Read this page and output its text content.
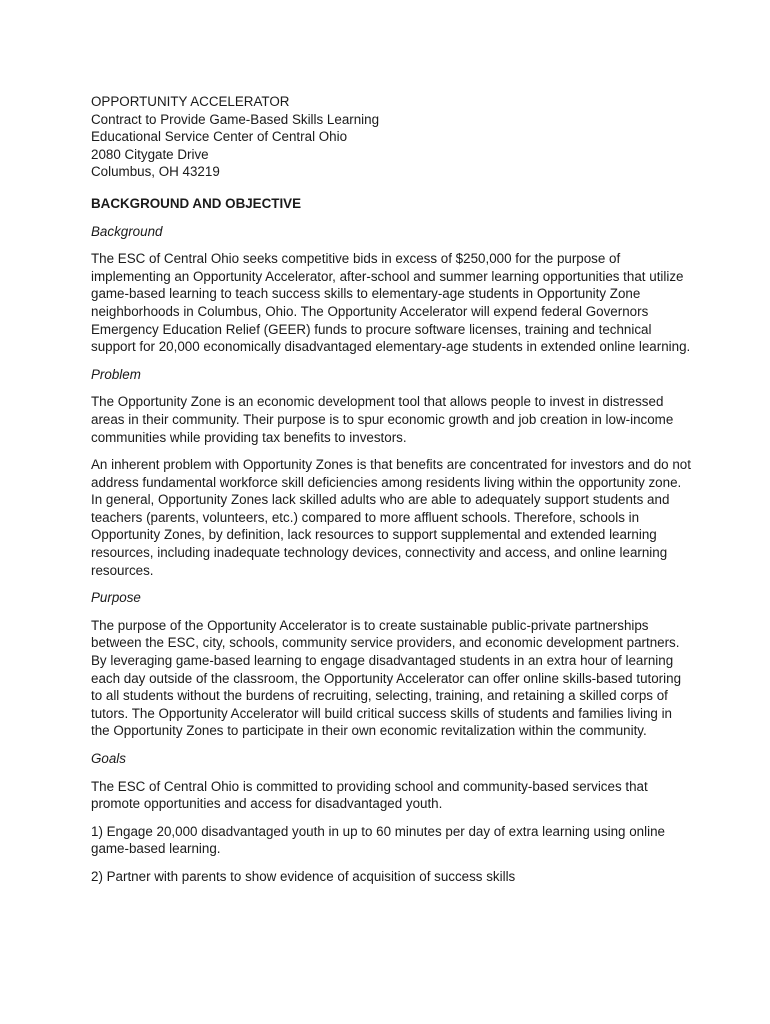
OPPORTUNITY ACCELERATOR
Contract to Provide Game-Based Skills Learning
Educational Service Center of Central Ohio
2080 Citygate Drive
Columbus, OH 43219
BACKGROUND AND OBJECTIVE
Background
The ESC of Central Ohio seeks competitive bids in excess of $250,000 for the purpose of implementing an Opportunity Accelerator, after-school and summer learning opportunities that utilize game-based learning to teach success skills to elementary-age students in Opportunity Zone neighborhoods in Columbus, Ohio. The Opportunity Accelerator will expend federal Governors Emergency Education Relief (GEER) funds to procure software licenses, training and technical support for 20,000 economically disadvantaged elementary-age students in extended online learning.
Problem
The Opportunity Zone is an economic development tool that allows people to invest in distressed areas in their community. Their purpose is to spur economic growth and job creation in low-income communities while providing tax benefits to investors.
An inherent problem with Opportunity Zones is that benefits are concentrated for investors and do not address fundamental workforce skill deficiencies among residents living within the opportunity zone. In general, Opportunity Zones lack skilled adults who are able to adequately support students and teachers (parents, volunteers, etc.) compared to more affluent schools. Therefore, schools in Opportunity Zones, by definition, lack resources to support supplemental and extended learning resources, including inadequate technology devices, connectivity and access, and online learning resources.
Purpose
The purpose of the Opportunity Accelerator is to create sustainable public-private partnerships between the ESC, city, schools, community service providers, and economic development partners. By leveraging game-based learning to engage disadvantaged students in an extra hour of learning each day outside of the classroom, the Opportunity Accelerator can offer online skills-based tutoring to all students without the burdens of recruiting, selecting, training, and retaining a skilled corps of tutors. The Opportunity Accelerator will build critical success skills of students and families living in the Opportunity Zones to participate in their own economic revitalization within the community.
Goals
The ESC of Central Ohio is committed to providing school and community-based services that promote opportunities and access for disadvantaged youth.
1) Engage 20,000 disadvantaged youth in up to 60 minutes per day of extra learning using online game-based learning.
2) Partner with parents to show evidence of acquisition of success skills
